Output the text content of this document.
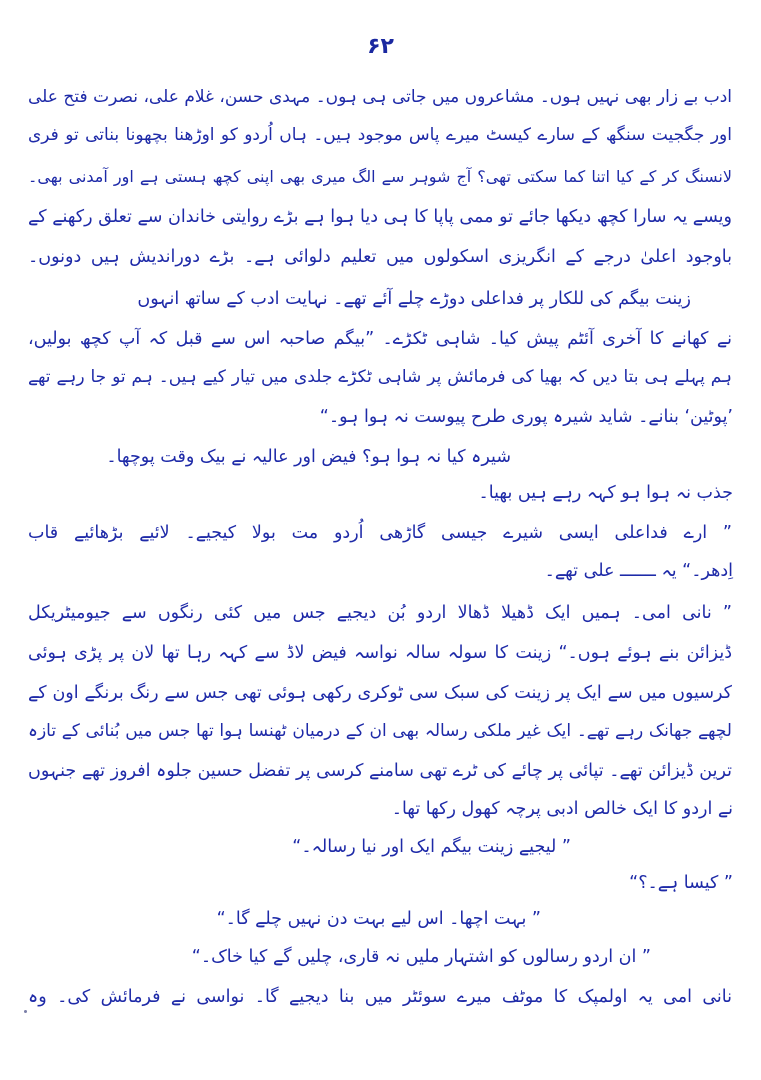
۶۲
ادب بے زار بھی نہیں ہوں۔ مشاعروں میں جاتی ہی ہوں۔ مہدی حسن، غلام علی، نصرت فتح علی
اور جگجیت سنگھ کے سارے کیسٹ میرے پاس موجود ہیں۔ ہاں اُردو کو اوڑھنا بچھونا بناتی تو فری
لانسنگ کر کے کیا اتنا کما سکتی تھی؟ آج شوہر سے الگ میری بھی اپنی کچھ ہستی ہے اور آمدنی بھی۔
ویسے یہ سارا کچھ دیکھا جائے تو ممی پاپا کا ہی دیا ہوا ہے بڑے روایتی خاندان سے تعلق رکھنے کے
باوجود اعلیٰ درجے کے انگریزی اسکولوں میں تعلیم دلوائی ہے۔ بڑے دوراندیش ہیں دونوں۔
زینت بیگم کی للکار پر فداعلی دوڑے چلے آئے تھے۔ نہایت ادب کے ساتھ انہوں
نے کھانے کا آخری آئٹم پیش کیا۔ شاہی ٹکڑے۔ ”بیگم صاحبہ اس سے قبل کہ آپ کچھ بولیں،
ہم پہلے ہی بتا دیں کہ بھیا کی فرمائش پر شاہی ٹکڑے جلدی میں تیار کیے ہیں۔ ہم تو جا رہے تھے
’پوٹین‘ بنانے۔ شاید شیرہ پوری طرح پیوست نہ ہوا ہو۔“
شیرہ کیا نہ ہوا ہو؟ فیض اور عالیہ نے بیک وقت پوچھا۔
جذب نہ ہوا ہو کہہ رہے ہیں بھیا۔
” ارے فداعلی ایسی شیرے جیسی گاڑھی اُردو مت بولا کیجیے۔ لائیے بڑھائیے قاب
اِدھر۔“ یہ ـــــــ علی تھے۔
” نانی امی۔ ہمیں ایک ڈھیلا ڈھالا اردو بُن دیجیے جس میں کئی رنگوں سے جیومیٹریکل
ڈیزائن بنے ہوئے ہوں۔“ زینت کا سولہ سالہ نواسہ فیض لاڈ سے کہہ رہا تھا لان پر پڑی ہوئی
کرسیوں میں سے ایک پر زینت کی سبک سی ٹوکری رکھی ہوئی تھی جس سے رنگ برنگے اون کے
لچھے جھانک رہے تھے۔ ایک غیر ملکی رسالہ بھی ان کے درمیان ٹھنسا ہوا تھا جس میں بُنائی کے تازہ
ترین ڈیزائن تھے۔ تپائی پر چائے کی ٹرے تھی سامنے کرسی پر تفضل حسین جلوہ افروز تھے جنہوں
نے اردو کا ایک خالص ادبی پرچہ کھول رکھا تھا۔
” لیجیے زینت بیگم ایک اور نیا رسالہ۔“
” کیسا ہے۔؟“
” بہت اچھا۔ اس لیے بہت دن نہیں چلے گا۔“
” ان اردو رسالوں کو اشتہار ملیں نہ قاری، چلیں گے کیا خاک۔“
نانی امی یہ اولمپک کا موٹف میرے سوئٹر میں بنا دیجیے گا۔ نواسی نے فرمائش کی۔ وہ
